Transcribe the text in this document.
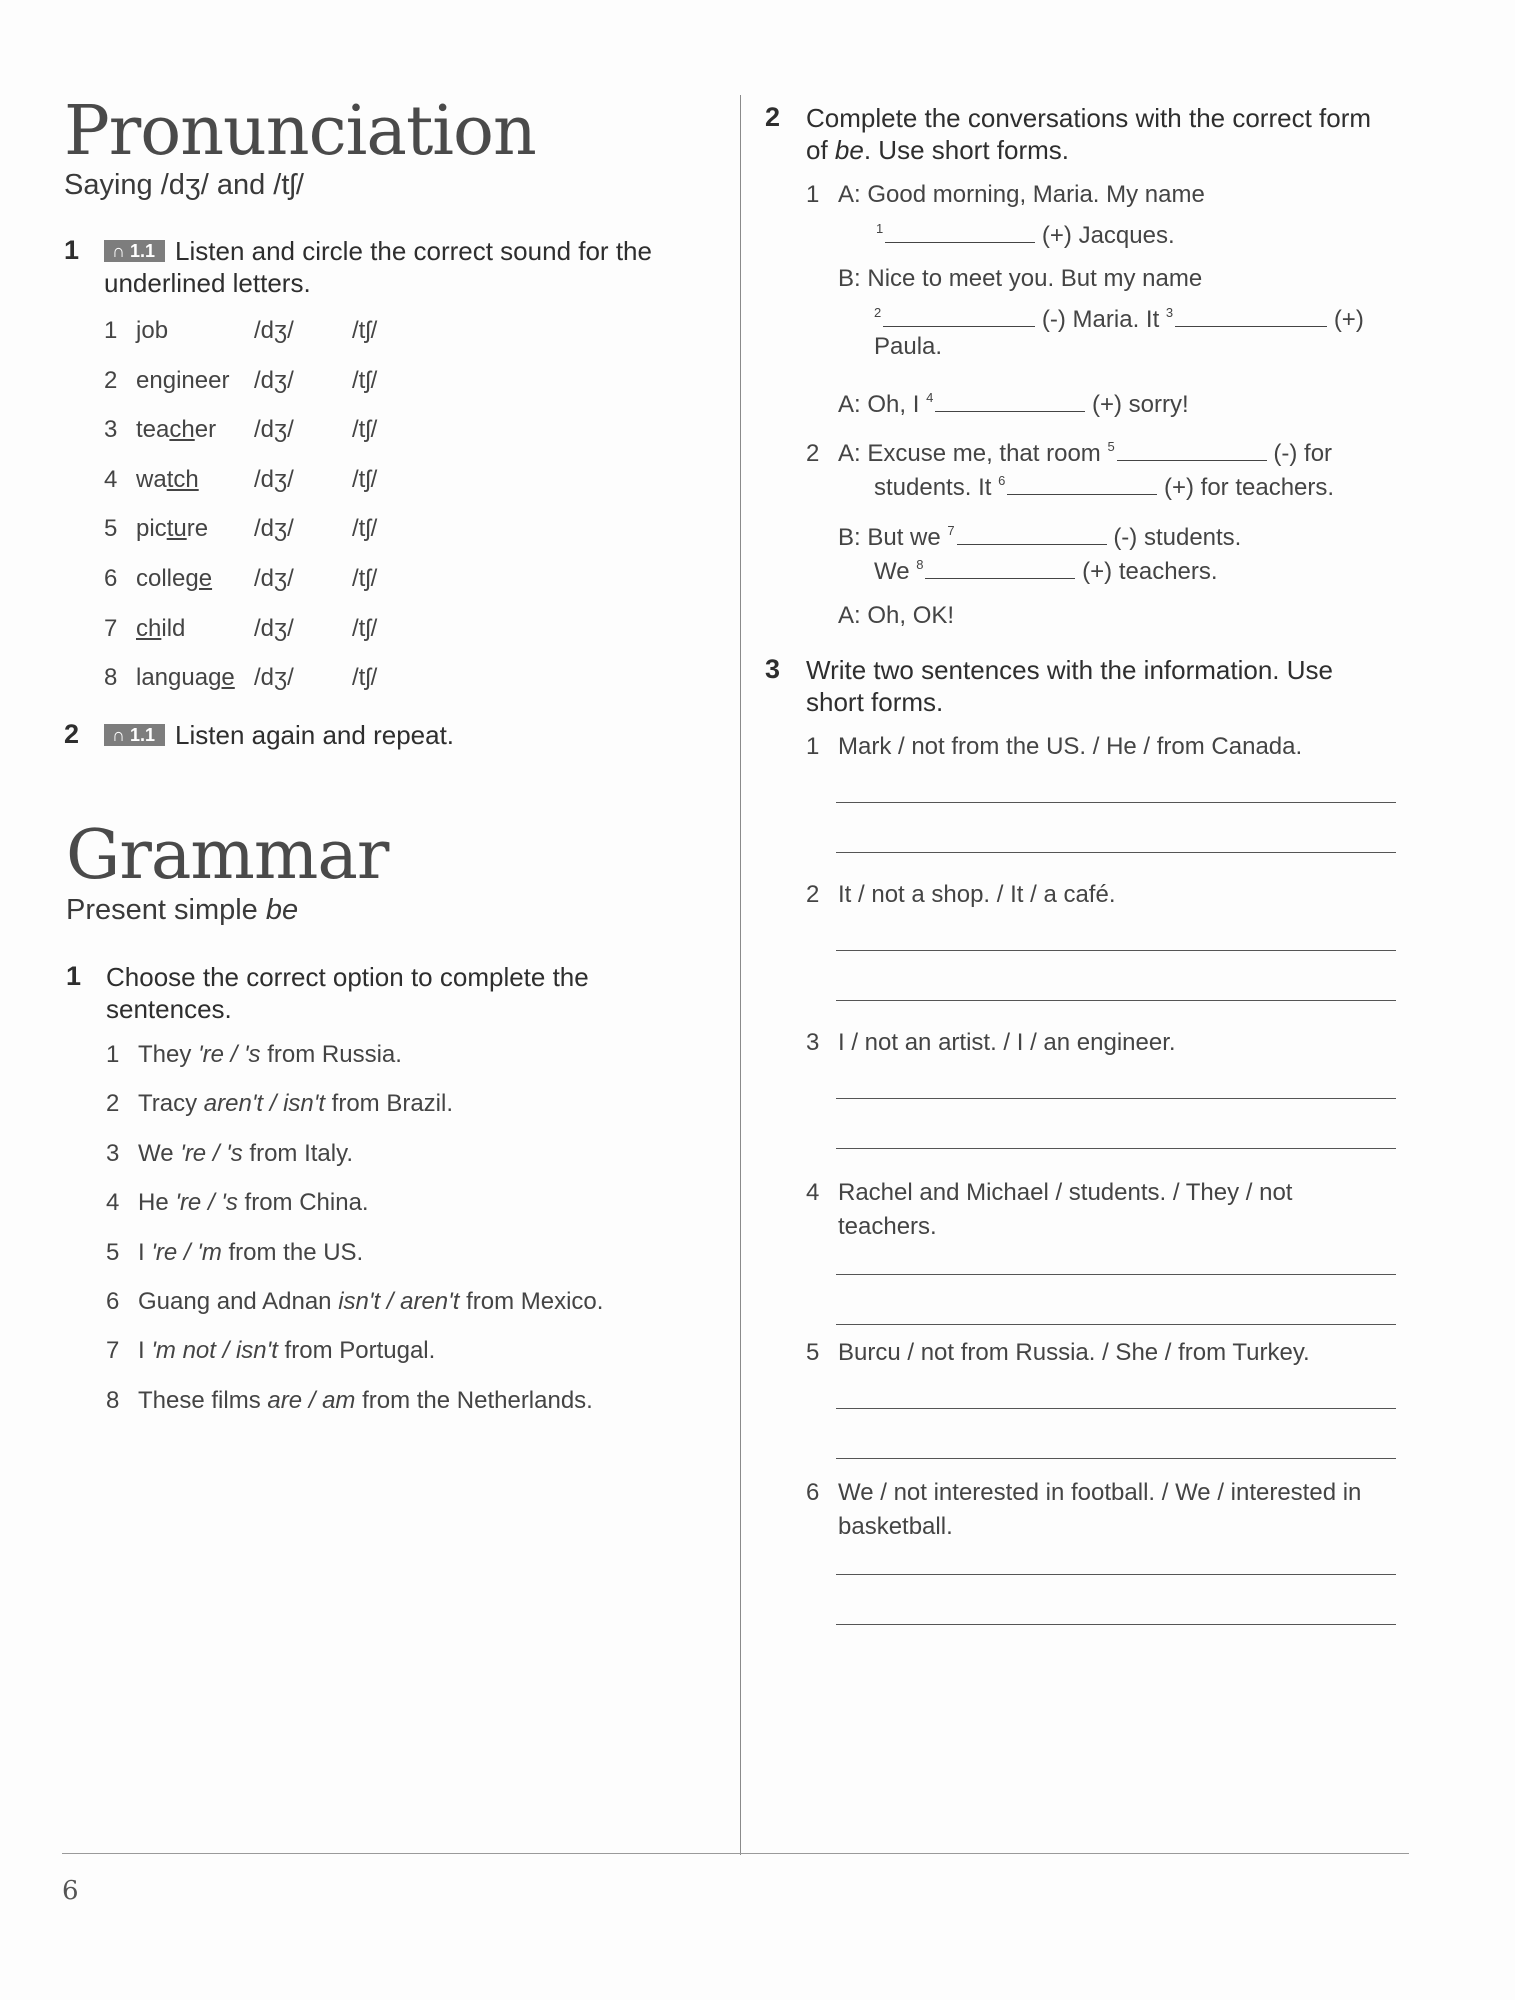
Pronunciation
Saying /dʒ/ and /tʃ/
1	∩ 1.1 Listen and circle the correct sound for the underlined letters.
1 job	/dʒ/ /tʃ/
2 engineer /dʒ/ /tʃ/
3 teacher /dʒ/ /tʃ/
4 watch /dʒ/ /tʃ/
5 picture /dʒ/ /tʃ/
6 college /dʒ/ /tʃ/
7 child	/dʒ/ /tʃ/
8 language /dʒ/ /tʃ/
2	∩ 1.1 Listen again and repeat.
Grammar
Present simple be
1 Choose the correct option to complete the sentences.
1 They 're / 's from Russia.
2 Tracy aren't / isn't from Brazil.
3 We 're / 's from Italy.
4 He 're / 's from China.
5 I 're / 'm from the US.
6 Guang and Adnan isn't / aren't from Mexico.
7 I 'm not / isn't from Portugal.
8 These films are / am from the Netherlands.
2 Complete the conversations with the correct form of be. Use short forms.
1 A: Good morning, Maria. My name
$^1$	(+) Jacques.
B: Nice to meet you. But my name
$^2$	(-) Maria. It $^3$	(+)
Paula.
A: Oh, I $^4$	(+) sorry!
2 A: Excuse me, that room $^5$	(-) for
students. It $^6$	(+) for teachers.
B: But we $^7$	(-) students.
We $^8$	(+) teachers.
A: Oh, OK!
3 Write two sentences with the information. Use short forms.
1 Mark / not from the US. / He / from Canada.
2 It / not a shop. / It / a café.
3 I / not an artist. / I / an engineer.
4 Rachel and Michael / students. / They / not
teachers.
5 Burcu / not from Russia. / She / from Turkey.
6 We / not interested in football. / We / interested in
basketball.
6
